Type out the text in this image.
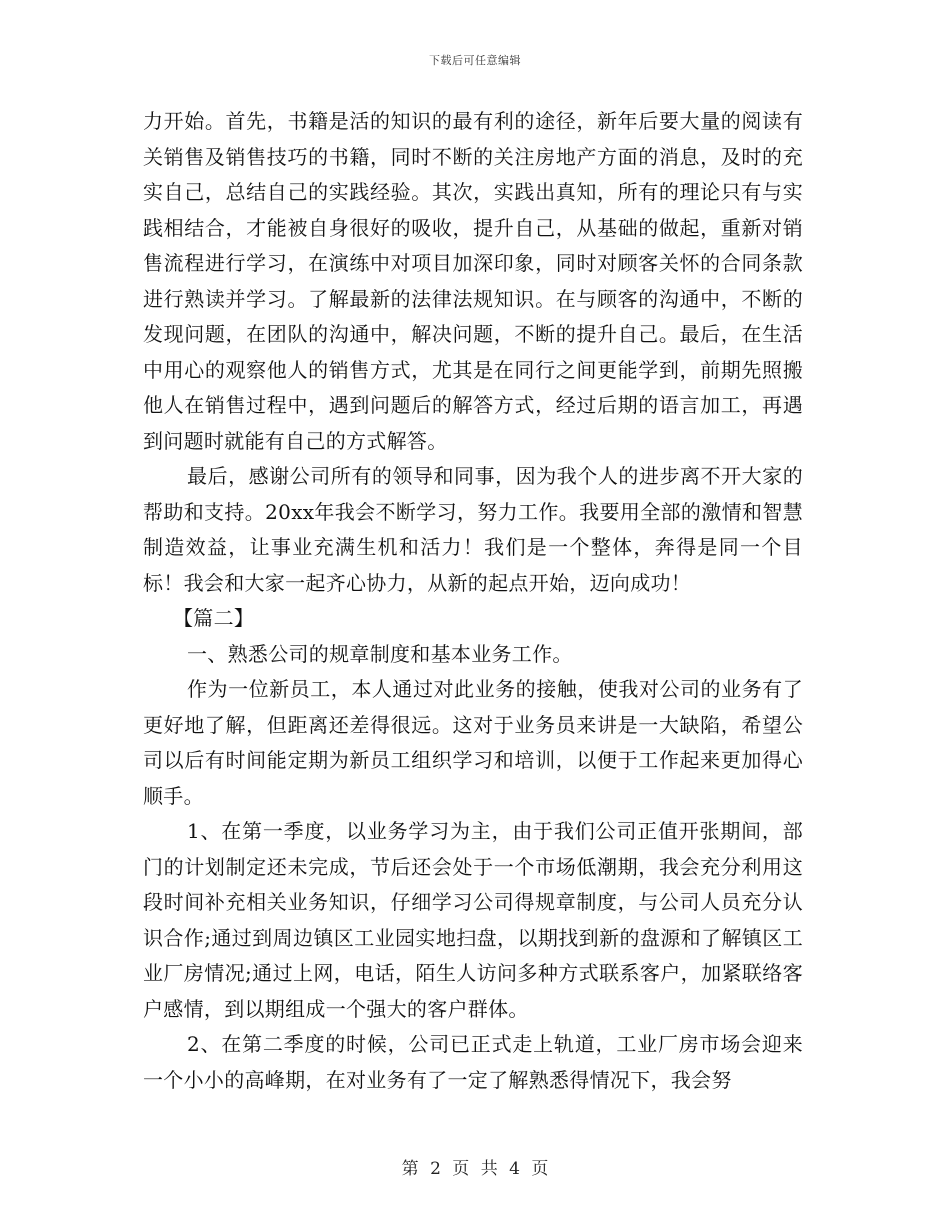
下载后可任意编辑

力开始。首先，书籍是活的知识的最有利的途径，新年后要大量的阅读有关销售及销售技巧的书籍，同时不断的关注房地产方面的消息，及时的充实自己，总结自己的实践经验。其次，实践出真知，所有的理论只有与实践相结合，才能被自身很好的吸收，提升自己，从基础的做起，重新对销售流程进行学习，在演练中对项目加深印象，同时对顾客关怀的合同条款进行熟读并学习。了解最新的法律法规知识。在与顾客的沟通中，不断的发现问题，在团队的沟通中，解决问题，不断的提升自己。最后，在生活中用心的观察他人的销售方式，尤其是在同行之间更能学到，前期先照搬他人在销售过程中，遇到问题后的解答方式，经过后期的语言加工，再遇到问题时就能有自己的方式解答。

最后，感谢公司所有的领导和同事，因为我个人的进步离不开大家的帮助和支持。20xx年我会不断学习，努力工作。我要用全部的激情和智慧制造效益，让事业充满生机和活力！我们是一个整体，奔得是同一个目标！我会和大家一起齐心协力，从新的起点开始，迈向成功！

【篇二】

一、熟悉公司的规章制度和基本业务工作。

作为一位新员工，本人通过对此业务的接触，使我对公司的业务有了更好地了解，但距离还差得很远。这对于业务员来讲是一大缺陷，希望公司以后有时间能定期为新员工组织学习和培训，以便于工作起来更加得心顺手。

1、在第一季度，以业务学习为主，由于我们公司正值开张期间，部门的计划制定还未完成，节后还会处于一个市场低潮期，我会充分利用这段时间补充相关业务知识，仔细学习公司得规章制度，与公司人员充分认识合作;通过到周边镇区工业园实地扫盘，以期找到新的盘源和了解镇区工业厂房情况;通过上网，电话，陌生人访问多种方式联系客户，加紧联络客户感情，到以期组成一个强大的客户群体。

2、在第二季度的时候，公司已正式走上轨道，工业厂房市场会迎来一个小小的高峰期，在对业务有了一定了解熟悉得情况下，我会努

第 2 页 共 4 页
